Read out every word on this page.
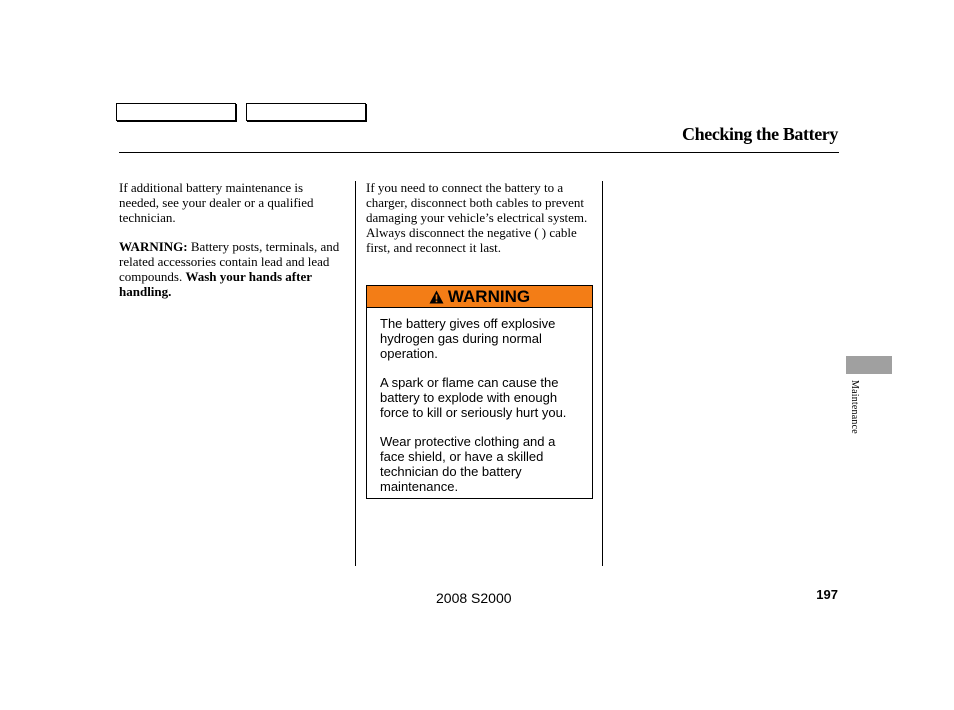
Checking the Battery

If additional battery maintenance is needed, see your dealer or a qualified technician.

WARNING: Battery posts, terminals, and related accessories contain lead and lead compounds. Wash your hands after handling.

If you need to connect the battery to a charger, disconnect both cables to prevent damaging your vehicle’s electrical system. Always disconnect the negative ( ) cable first, and reconnect it last.

WARNING

The battery gives off explosive hydrogen gas during normal operation.

A spark or flame can cause the battery to explode with enough force to kill or seriously hurt you.

Wear protective clothing and a face shield, or have a skilled technician do the battery maintenance.

Maintenance
2008 S2000	197
